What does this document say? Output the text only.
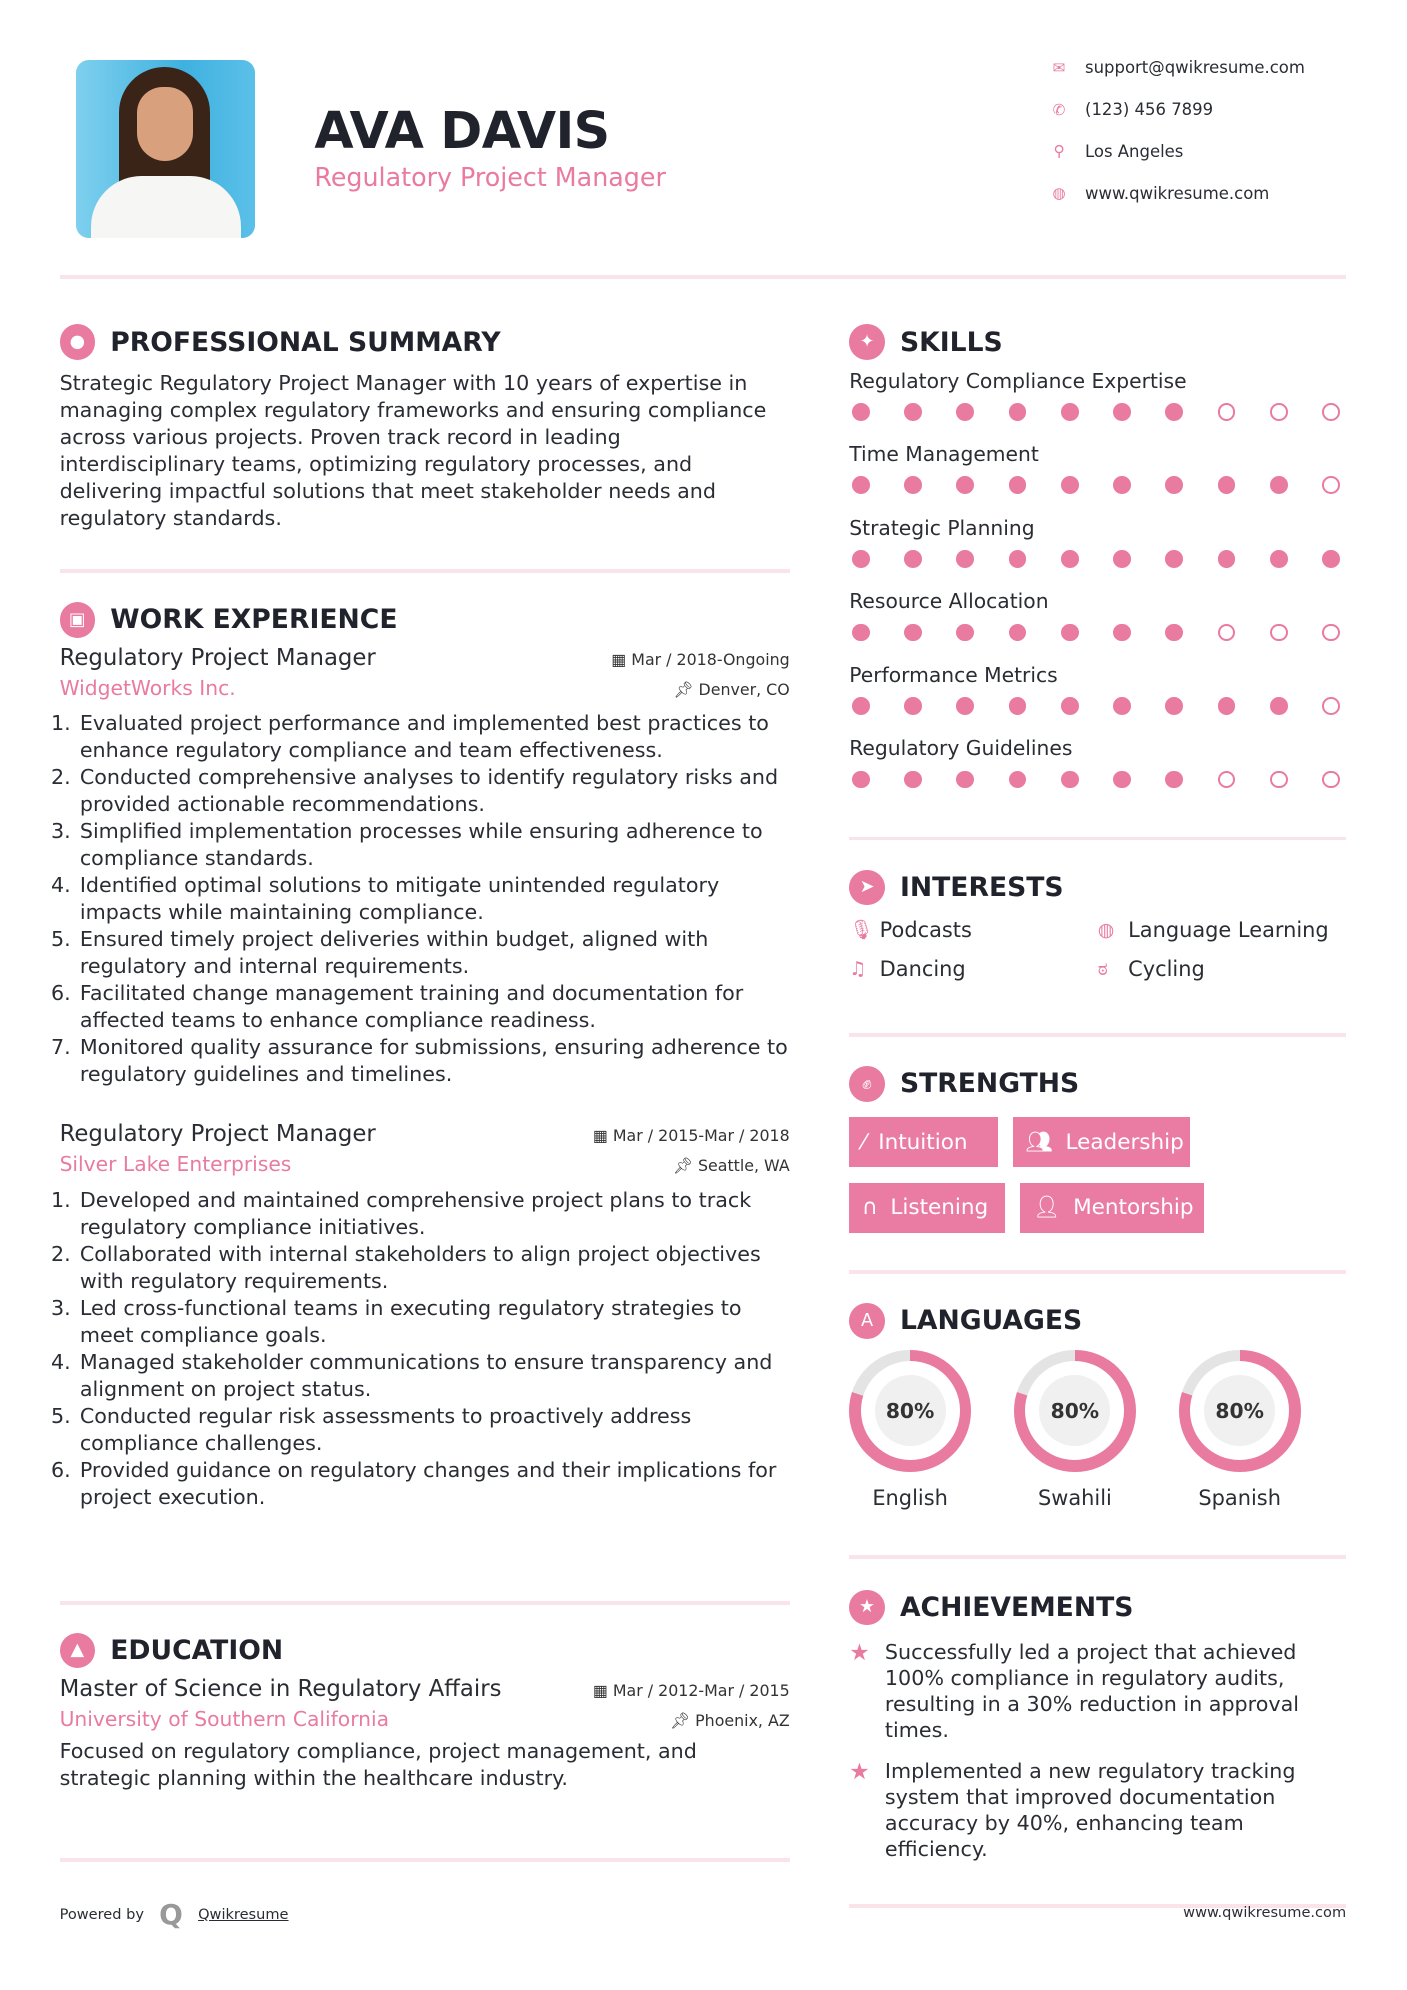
AVA DAVIS
Regulatory Project Manager
✉ support@qwikresume.com
✆ (123) 456 7899
⚲ Los Angeles
◍ www.qwikresume.com
●	PROFESSIONAL SUMMARY

Strategic Regulatory Project Manager with 10 years of expertise in managing complex regulatory frameworks and ensuring compliance across various projects. Proven track record in leading interdisciplinary teams, optimizing regulatory processes, and delivering impactful solutions that meet stakeholder needs and regulatory standards.

▣	WORK EXPERIENCE
Regulatory Project Manager	▦ Mar / 2018-Ongoing
WidgetWorks Inc.	📌︎ Denver, CO
1. Evaluated project performance and implemented best practices to enhance regulatory compliance and team effectiveness.
2. Conducted comprehensive analyses to identify regulatory risks and provided actionable recommendations.
3. Simplified implementation processes while ensuring adherence to compliance standards.
4. Identified optimal solutions to mitigate unintended regulatory impacts while maintaining compliance.
5. Ensured timely project deliveries within budget, aligned with regulatory and internal requirements.
6. Facilitated change management training and documentation for affected teams to enhance compliance readiness.
7. Monitored quality assurance for submissions, ensuring adherence to regulatory guidelines and timelines.
Regulatory Project Manager	▦ Mar / 2015-Mar / 2018
Silver Lake Enterprises	📌︎ Seattle, WA
1. Developed and maintained comprehensive project plans to track regulatory compliance initiatives.
2. Collaborated with internal stakeholders to align project objectives with regulatory requirements.
3. Led cross-functional teams in executing regulatory strategies to meet compliance goals.
4. Managed stakeholder communications to ensure transparency and alignment on project status.
5. Conducted regular risk assessments to proactively address compliance challenges.
6. Provided guidance on regulatory changes and their implications for project execution.
▲	EDUCATION
Master of Science in Regulatory Affairs	▦ Mar / 2012-Mar / 2015
University of Southern California	📌︎ Phoenix, AZ

Focused on regulatory compliance, project management, and strategic planning within the healthcare industry.

Powered by Q Qwikresume	www.qwikresume.com
✦	SKILLS
Regulatory Compliance Expertise
Time Management
Strategic Planning
Resource Allocation
Performance Metrics
Regulatory Guidelines
➤	INTERESTS
🎙︎ Podcasts	◍ Language Learning
♫ Dancing	ಠ	Cycling
✊︎	STRENGTHS
⁄ Intuition	👥︎ Leadership
∩ Listening	👤︎ Mentorship
A	LANGUAGES
80%	80%	80%
English	Swahili	Spanish
★	ACHIEVEMENTS
★ Successfully led a project that achieved 100% compliance in regulatory audits, resulting in a 30% reduction in approval times.
★ Implemented a new regulatory tracking system that improved documentation accuracy by 40%, enhancing team efficiency.
